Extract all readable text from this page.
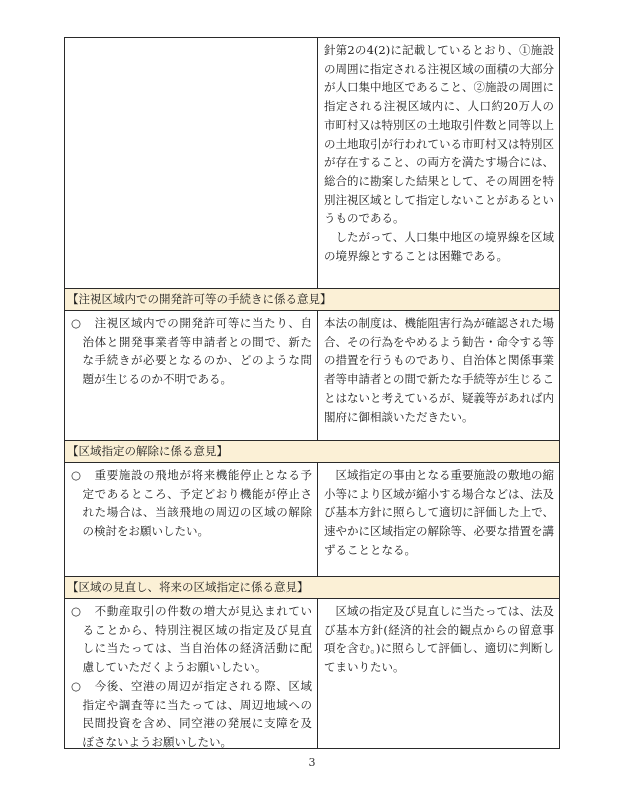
針第2の4(2)に記載しているとおり、①施設の周囲に指定される注視区域の面積の大部分が人口集中地区であること、②施設の周囲に指定される注視区域内に、人口約20万人の市町村又は特別区の土地取引件数と同等以上の土地取引が行われている市町村又は特別区が存在すること、の両方を満たす場合には、総合的に勘案した結果として、その周囲を特別注視区域として指定しないことがあるというものである。

したがって、人口集中地区の境界線を区域の境界線とすることは困難である。

【注視区域内での開発許可等の手続きに係る意見】

○ 注視区域内での開発許可等に当たり、自治体と開発事業者等申請者との間で、新たな手続きが必要となるのか、どのような問題が生じるのか不明である。

本法の制度は、機能阻害行為が確認された場合、その行為をやめるよう勧告・命令する等の措置を行うものであり、自治体と関係事業者等申請者との間で新たな手続等が生じることはないと考えているが、疑義等があれば内閣府に御相談いただきたい。

【区域指定の解除に係る意見】

○ 重要施設の飛地が将来機能停止となる予定であるところ、予定どおり機能が停止された場合は、当該飛地の周辺の区域の解除の検討をお願いしたい。

区域指定の事由となる重要施設の敷地の縮小等により区域が縮小する場合などは、法及び基本方針に照らして適切に評価した上で、速やかに区域指定の解除等、必要な措置を講ずることとなる。

【区域の見直し、将来の区域指定に係る意見】

○ 不動産取引の件数の増大が見込まれていることから、特別注視区域の指定及び見直しに当たっては、当自治体の経済活動に配慮していただくようお願いしたい。

○ 今後、空港の周辺が指定される際、区域指定や調査等に当たっては、周辺地域への民間投資を含め、同空港の発展に支障を及ぼさないようお願いしたい。

区域の指定及び見直しに当たっては、法及び基本方針(経済的社会的観点からの留意事項を含む。)に照らして評価し、適切に判断してまいりたい。

3
